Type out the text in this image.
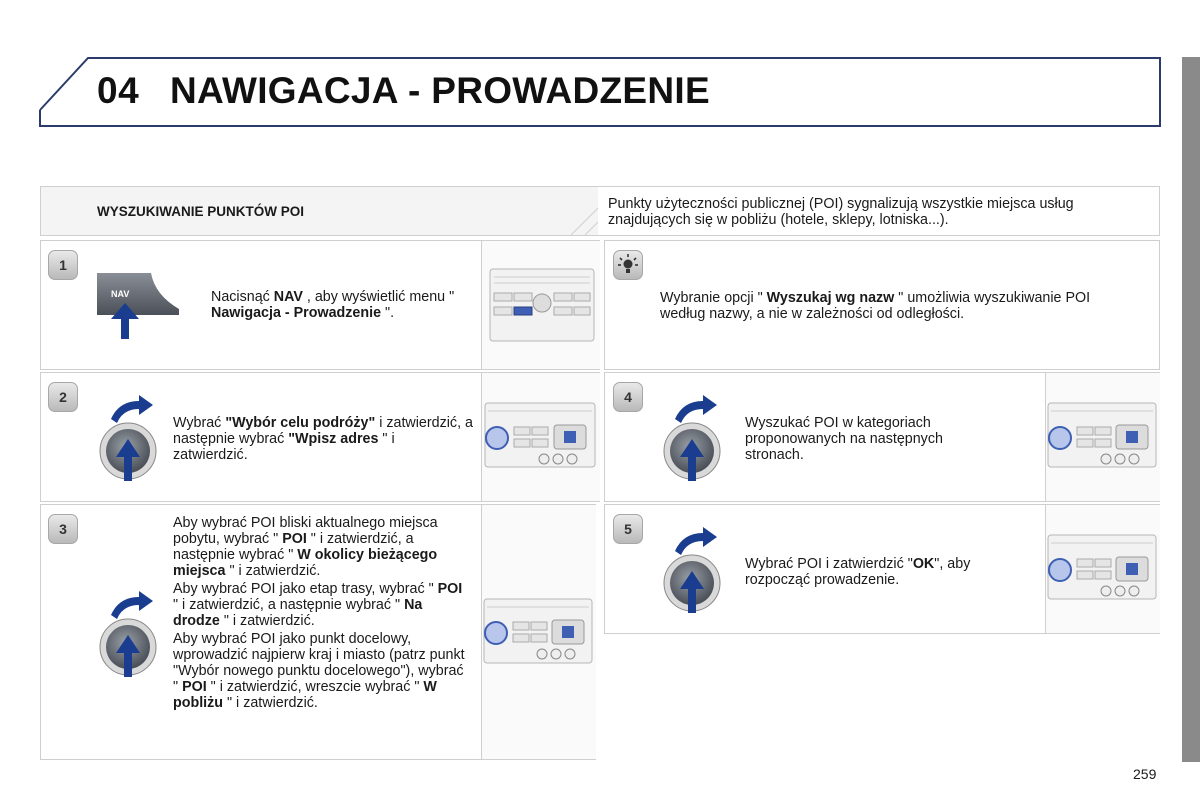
04 NAWIGACJA - PROWADZENIE
WYSZUKIWANIE PUNKTÓW POI	Punkty użyteczności publicznej (POI) sygnalizują wszystkie miejsca usług znajdujących się w pobliżu (hotele, sklepy, lotniska...).
1
NAV	Nacisnąć NAV , aby wyświetlić menu " Nawigacja - Prowadzenie ".
2
Wybrać "Wybór celu podróży" i zatwierdzić, a następnie wybrać "Wpisz adres " i zatwierdzić.
3	Aby wybrać POI bliski aktualnego miejsca pobytu, wybrać " POI " i zatwierdzić, a następnie wybrać " W okolicy bieżącego miejsca " i zatwierdzić.

Aby wybrać POI jako etap trasy, wybrać " POI " i zatwierdzić, a następnie wybrać " Na drodze " i zatwierdzić.

Aby wybrać POI jako punkt docelowy, wprowadzić najpierw kraj i miasto (patrz punkt "Wybór nowego punktu docelowego"), wybrać " POI " i zatwierdzić, wreszcie wybrać " W pobliżu " i zatwierdzić.

Wybranie opcji " Wyszukaj wg nazw " umożliwia wyszukiwanie POI według nazwy, a nie w zależności od odległości.
4
Wyszukać POI w kategoriach proponowanych na następnych stronach.
5
Wybrać POI i zatwierdzić "OK", aby rozpocząć prowadzenie.
259
